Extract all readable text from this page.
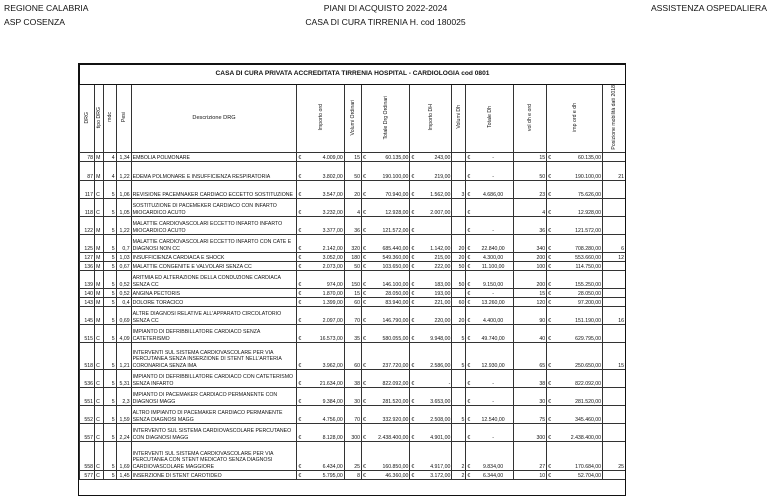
REGIONE CALABRIA
ASP COSENZA
PIANI DI ACQUISTO 2022-2024
CASA DI CURA TIRRENIA H. cod 180025
ASSISTENZA OSPEDALIERA
CASA DI CURA PRIVATA ACCREDITATA TIRRENIA HOSPITAL - CARDIOLOGIA cod 0801																		
DRG	tipo DRG	mdc	Pesi	Descrizione DRG	Importo ord		Volumi Ordinari	Totale Drg Ordinari		Importo DH		Volumi Dh	Totale Dh		vol dh e ord	imp ord e dh		Posizione mobilità dati 2018
78	M	4	1,34	EMBOLIA POLMONARE	€	4.009,00	15	€	60.135,00	€	243,00		€	-	15	€	60.135,00	
87	M	4	1,22	EDEMA POLMONARE E INSUFFICIENZA RESPIRATORIA	€	3.802,00	50	€	190.100,00	€	219,00		€	-	50	€	190.100,00	21
117	C	5	1,06	REVISIONE PACEMNAKER CARDIACO ECCETTO SOSTITUZIONE	€	3.547,00	20	€	70.940,00	€	1.562,00	3	€	4.686,00	23	€	75.626,00	
118	C	5	1,05	SOSTITUZIONE DI PACEMEKER CARDIACO CON INFARTO MIOCARDICO ACUTO	€	3.232,00	4	€	12.928,00	€	2.007,00		€		4	€	12.928,00	
122	M	5	1,22	MALATTIE CARDIOVASCOLARI ECCETTO INFARTO INFARTO MIOCARDICO ACUTO	€	3.377,00	36	€	121.572,00	€			€	-	36	€	121.572,00	
125	M	5	0,7	MALATTIE CARDIOVASCOLARI ECCETTO INFARTO CON CATE E DIAGNOSI NON CC	€	2.142,00	320	€	685.440,00	€	1.142,00	20	€	22.840,00	340	€	708.280,00	6
127	M	5	1,03	INSUFFICIENZA CARDIACA E SHOCK	€	3.052,00	180	€	549.360,00	€	215,00	20	€	4.300,00	200	€	553.660,00	12
136	M	5	0,67	MALATTIE CONGENITE E VALVOLARI SENZA CC	€	2.073,00	50	€	103.650,00	€	222,00	50	€	11.100,00	100	€	114.750,00	
139	M	5	0,52	ARITMIA ED ALTERAZIONE DELLA CONDUZIONE CARDIACA SENZA CC	€	974,00	150	€	146.100,00	€	183,00	50	€	9.150,00	200	€	155.250,00	
140	M	5	0,52	ANGINA PECTORIS	€	1.870,00	15	€	28.050,00	€	193,00		€	-	15	€	28.050,00	
143	M	5	0,4	DOLORE TORACICO	€	1.399,00	60	€	83.940,00	€	221,00	60	€	13.260,00	120	€	97.200,00	
145	M	5	0,69	ALTRE DIAGNOSI RELATIVE ALL'APPARATO CIRCOLATORIO SENZA CC	€	2.097,00	70	€	146.790,00	€	220,00	20	€	4.400,00	90	€	151.190,00	16
515	C	5	4,09	IMPIANTO DI DEFRIBBILLATORE CARDIACO SENZA CATETERISMO	€	16.573,00	35	€	580.055,00	€	9.948,00	5	€	49.740,00	40	€	629.795,00	
518	C	5	1,21	INTERVENTI SUL SISTEMA CARDIOVASCOLARE PER VIA PERCUTANEA SENZA INSERZIONE DI STENT NELL'ARTERIA CORONARICA SENZA IMA	€	3.962,00	60	€	237.720,00	€	2.586,00	5	€	12.930,00	65	€	250.650,00	15
536	C	5	5,31	IMPIANTO DI DEFRIBBILLATORE CARDIACO CON CATETERISMO SENZA INFARTO	€	21.634,00	38	€	822.092,00	€	-		€	-	38	€	822.092,00	
551	C	5	2,3	IMPIANTO DI PACEMAKER CARDIACO PERMANENTE CON DIAGNOSI MAGG	€	9.384,00	30	€	281.520,00	€	3.653,00		€	-	30	€	281.520,00	
552	C	5	1,59	ALTRO IMPIANTO DI PACEMAKER CARDIACO PERMANENTE SENZA DIAGNOSI MAGG	€	4.756,00	70	€	332.920,00	€	2.508,00	5	€	12.540,00	75	€	345.460,00	
557	C	5	2,24	INTERVENTO SUL SISTEMA CARDIOVASCOLARE PERCUTANEO CON DIAGNOSI MAGG	€	8.128,00	300	€	2.438.400,00	€	4.901,00		€	-	300	€	2.438.400,00	
558	C	5	1,69	INTERVENTI SUL SISTEMA CARDIOVASCOLARE PER VIA PERCUTANEA CON STENT MEDICATO SENZA DIAGNOSI CARDIOVASCOLARE MAGGIORE	€	6.434,00	25	€	160.850,00	€	4.917,00	2	€	9.834,00	27	€	170.684,00	25
577	C	5	1,45	INSERZIONE DI STENT CAROTIDEO	€	5.795,00	8	€	46.360,00	€	3.172,00	2	€	6.344,00	10	€	52.704,00	
